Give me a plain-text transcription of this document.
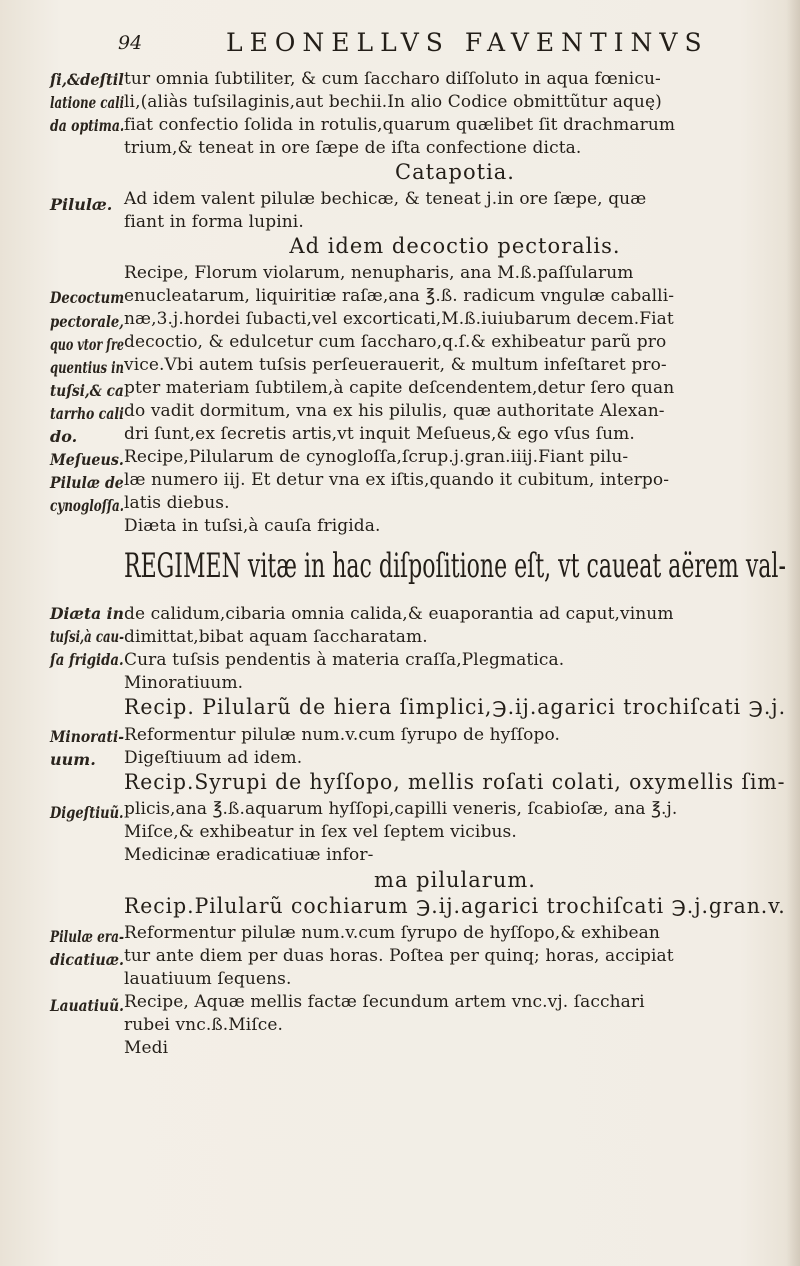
94	LEONELLVS FAVENTINVS
ſi,&deſtil
latione cali
da optima.
Pilulæ.
Decoctum
pectorale,
quo vtor ſre
quentius in
tuſsi,& ca
tarrho cali
do.
Meſueus.
Pilulæ de
cynogloſſa.
Diæta in
tuſsi,à cau-
ſa frigida.
Minorati-
uum.
Digeſtiuũ.
Pilulæ era-
dicatiuæ.
Lauatiuũ.
tur omnia ſubtiliter, & cum ſaccharo diſſoluto in aqua fœnicu-
li,(aliàs tuſsilaginis,aut bechii.In alio Codice obmittũtur aquę)
fiat confectio ſolida in rotulis,quarum quælibet ſit drachmarum
trium,& teneat in ore ſæpe de iſta confectione dicta.
Catapotia.
Ad idem valent pilulæ bechicæ, & teneat j.in ore ſæpe, quæ
fiant in forma lupini.
Ad idem decoctio pectoralis.
Recipe, Florum violarum, nenupharis, ana M.ß.paſſularum
enucleatarum, liquiritiæ raſæ,ana ℥.ß. radicum vngulæ caballi-
næ,3.j.hordei ſubacti,vel excorticati,M.ß.iuiubarum decem.Fiat
decoctio, & edulcetur cum ſaccharo,q.ſ.& exhibeatur parũ pro
vice.Vbi autem tuſsis perſeuerauerit, & multum infeſtaret pro-
pter materiam ſubtilem,à capite deſcendentem,detur ſero quan
do vadit dormitum, vna ex his pilulis, quæ authoritate Alexan-
dri ſunt,ex ſecretis artis,vt inquit Meſueus,& ego vſus ſum.
Recipe,Pilularum de cynogloſſa,ſcrup.j.gran.iiij.Fiant pilu-
læ numero iij. Et detur vna ex iſtis,quando it cubitum, interpo-
latis diebus.
Diæta in tuſsi,à cauſa frigida.
REGIMEN vitæ in hac diſpoſitione eſt, vt caueat aërem val-
de calidum,cibaria omnia calida,& euaporantia ad caput,vinum
dimittat,bibat aquam ſaccharatam.
Cura tuſsis pendentis à materia craſſa,Plegmatica.
Minoratiuum.
Recip. Pilularũ de hiera ſimplici,℈.ij.agarici trochiſcati ℈.j.
Reformentur pilulæ num.v.cum ſyrupo de hyſſopo.
Digeſtiuum ad idem.
Recip.Syrupi de hyſſopo, mellis roſati colati, oxymellis ſim-
plicis,ana ℥.ß.aquarum hyſſopi,capilli veneris, ſcabioſæ, ana ℥.j.
Miſce,& exhibeatur in ſex vel ſeptem vicibus.
Medicinæ eradicatiuæ infor-
ma pilularum.
Recip.Pilularũ cochiarum ℈.ij.agarici trochiſcati ℈.j.gran.v.
Reformentur pilulæ num.v.cum ſyrupo de hyſſopo,& exhibean
tur ante diem per duas horas. Poſtea per quinq; horas, accipiat
lauatiuum ſequens.
Recipe, Aquæ mellis factæ ſecundum artem vnc.vj. ſacchari
rubei vnc.ß.Miſce.
Medi
